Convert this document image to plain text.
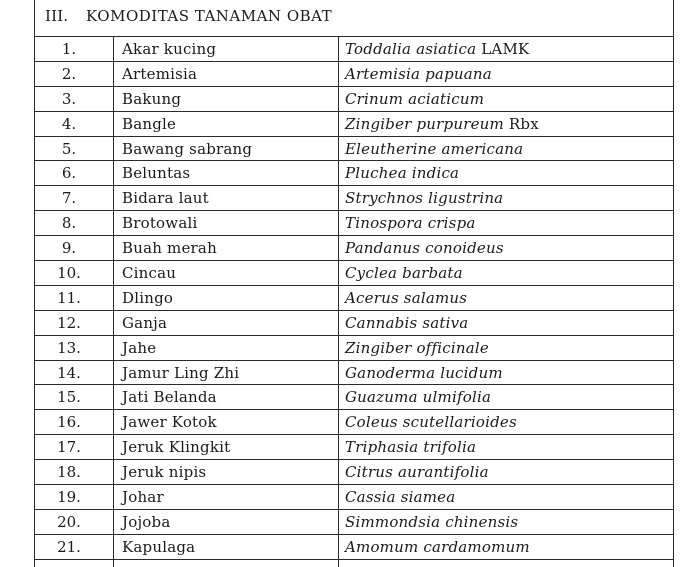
III. KOMODITAS TANAMAN OBAT
1.	Akar kucing	Toddalia asiatica LAMK
2.	Artemisia	Artemisia papuana
3.	Bakung	Crinum aciaticum
4.	Bangle	Zingiber purpureum Rbx
5.	Bawang sabrang	Eleutherine americana
6.	Beluntas	Pluchea indica
7.	Bidara laut	Strychnos ligustrina
8.	Brotowali	Tinospora crispa
9.	Buah merah	Pandanus conoideus
10.	Cincau	Cyclea barbata
11.	Dlingo	Acerus salamus
12.	Ganja	Cannabis sativa
13.	Jahe	Zingiber officinale
14.	Jamur Ling Zhi	Ganoderma lucidum
15.	Jati Belanda	Guazuma ulmifolia
16.	Jawer Kotok	Coleus scutellarioides
17.	Jeruk Klingkit	Triphasia trifolia
18.	Jeruk nipis	Citrus aurantifolia
19.	Johar	Cassia siamea
20.	Jojoba	Simmondsia chinensis
21.	Kapulaga	Amomum cardamomum
